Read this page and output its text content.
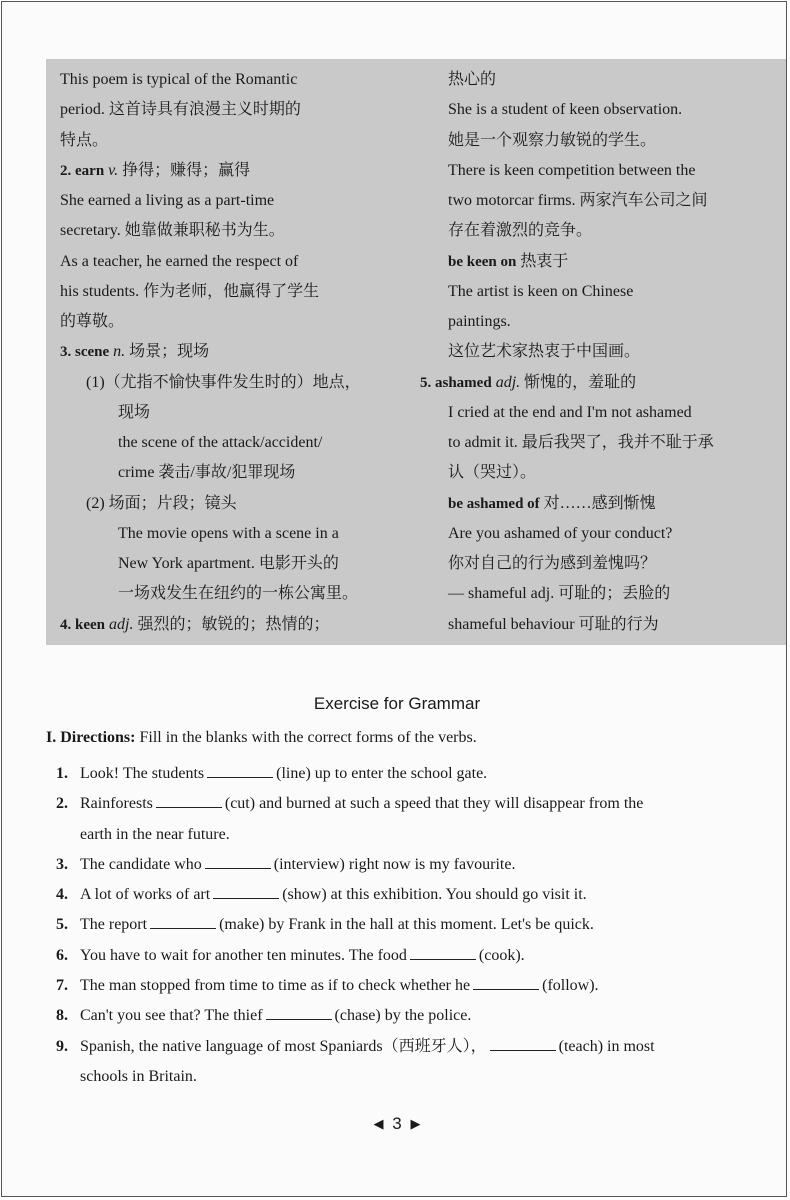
This poem is typical of the Romantic
period. 这首诗具有浪漫主义时期的
特点。
2. earn v. 挣得；赚得；赢得
She earned a living as a part-time
secretary. 她靠做兼职秘书为生。
As a teacher, he earned the respect of
his students. 作为老师，他赢得了学生
的尊敬。
3. scene n. 场景；现场
(1)（尤指不愉快事件发生时的）地点，
现场
the scene of the attack/accident/
crime 袭击/事故/犯罪现场
(2) 场面；片段；镜头
The movie opens with a scene in a
New York apartment. 电影开头的
一场戏发生在纽约的一栋公寓里。
4. keen adj. 强烈的；敏锐的；热情的；
热心的
She is a student of keen observation.
她是一个观察力敏锐的学生。
There is keen competition between the
two motorcar firms. 两家汽车公司之间
存在着激烈的竞争。
be keen on 热衷于
The artist is keen on Chinese
paintings.
这位艺术家热衷于中国画。
5. ashamed adj. 惭愧的，羞耻的
I cried at the end and I'm not ashamed
to admit it. 最后我哭了，我并不耻于承
认（哭过）。
be ashamed of 对……感到惭愧
Are you ashamed of your conduct?
你对自己的行为感到羞愧吗？
— shameful adj. 可耻的；丢脸的
shameful behaviour 可耻的行为
Exercise for Grammar
I. Directions: Fill in the blanks with the correct forms of the verbs.
1. Look! The students	(line) up to enter the school gate.
2. Rainforests	(cut) and burned at such a speed that they will disappear from the
earth in the near future.
3. The candidate who	(interview) right now is my favourite.
4. A lot of works of art	(show) at this exhibition. You should go visit it.
5. The report	(make) by Frank in the hall at this moment. Let's be quick.
6. You have to wait for another ten minutes. The food	(cook).
7. The man stopped from time to time as if to check whether he	(follow).
8. Can't you see that? The thief	(chase) by the police.
9. Spanish, the native language of most Spaniards（西班牙人），	(teach) in most
schools in Britain.
◀ 3 ▶
